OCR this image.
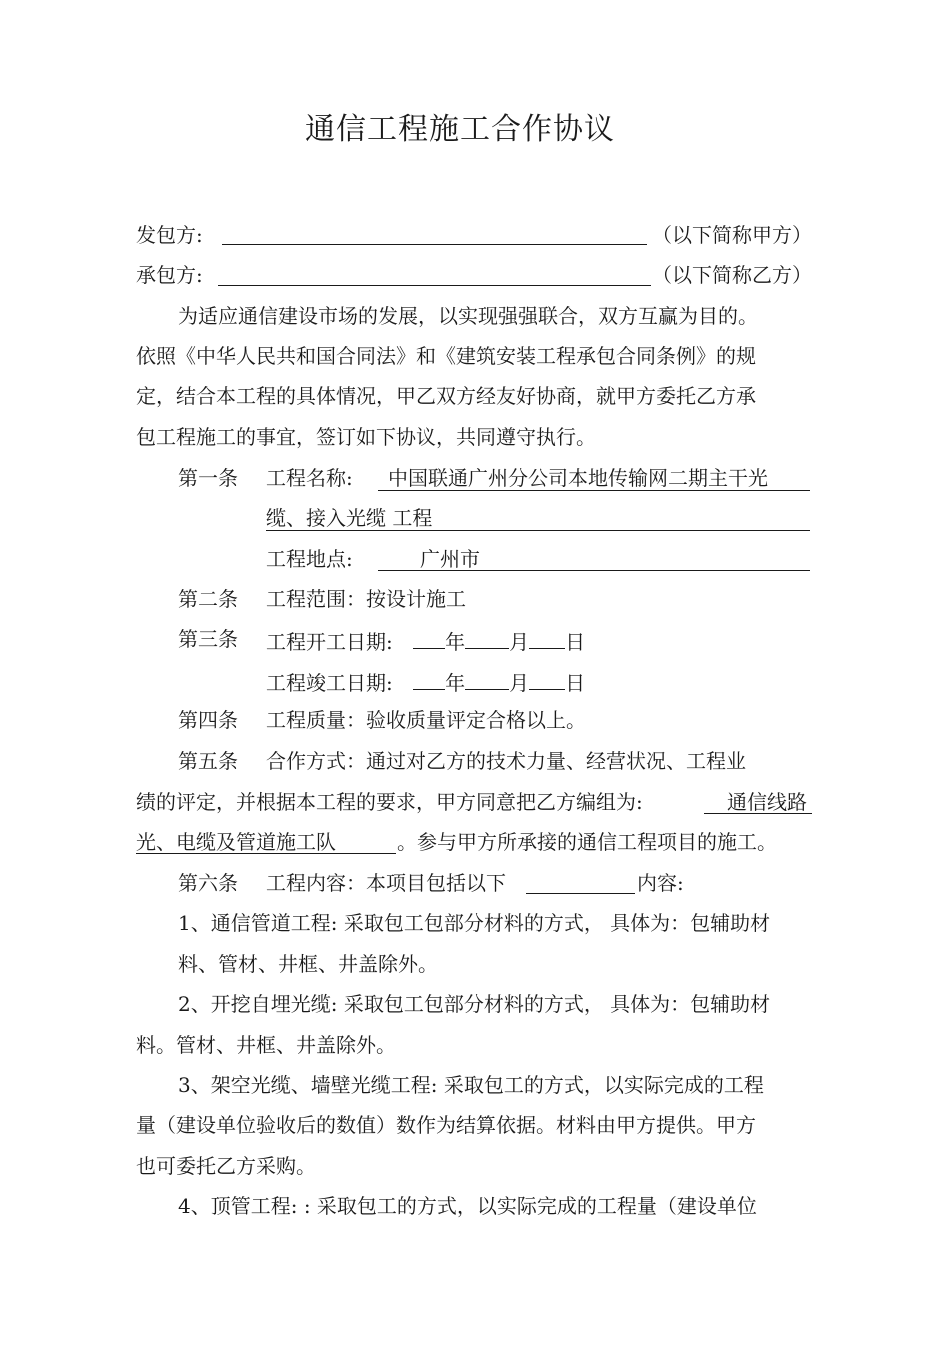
通信工程施工合作协议
发包方:	（以下简称甲方）
承包方:	（以下简称乙方）
为适应通信建设市场的发展，以实现强强联合，双方互赢为目的。
依照《中华人民共和国合同法》和《建筑安装工程承包合同条例》的规
定，结合本工程的具体情况，甲乙双方经友好协商，就甲方委托乙方承
包工程施工的事宜，签订如下协议，共同遵守执行。
第一条 工程名称: 中国联通广州分公司本地传输网二期主干光
缆、接入光缆 工程
工程地点:	广州市
第二条 工程范围：按设计施工
第三条 工程开工日期:	年 月 日
工程竣工日期:	年 月 日
第四条 工程质量：验收质量评定合格以上。
第五条 合作方式：通过对乙方的技术力量、经营状况、工程业
绩的评定，并根据本工程的要求，甲方同意把乙方编组为:	通信线路
光、电缆及管道施工队	。参与甲方所承接的通信工程项目的施工。
第六条 工程内容：本项目包括以下	内容:
1、通信管道工程: 采取包工包部分材料的方式， 具体为：包辅助材
料、管材、井框、井盖除外。
2、开挖自埋光缆: 采取包工包部分材料的方式， 具体为：包辅助材
料。管材、井框、井盖除外。
3、架空光缆、墙壁光缆工程: 采取包工的方式，以实际完成的工程
量（建设单位验收后的数值）数作为结算依据。材料由甲方提供。甲方
也可委托乙方采购。
4、顶管工程: : 采取包工的方式，以实际完成的工程量（建设单位
